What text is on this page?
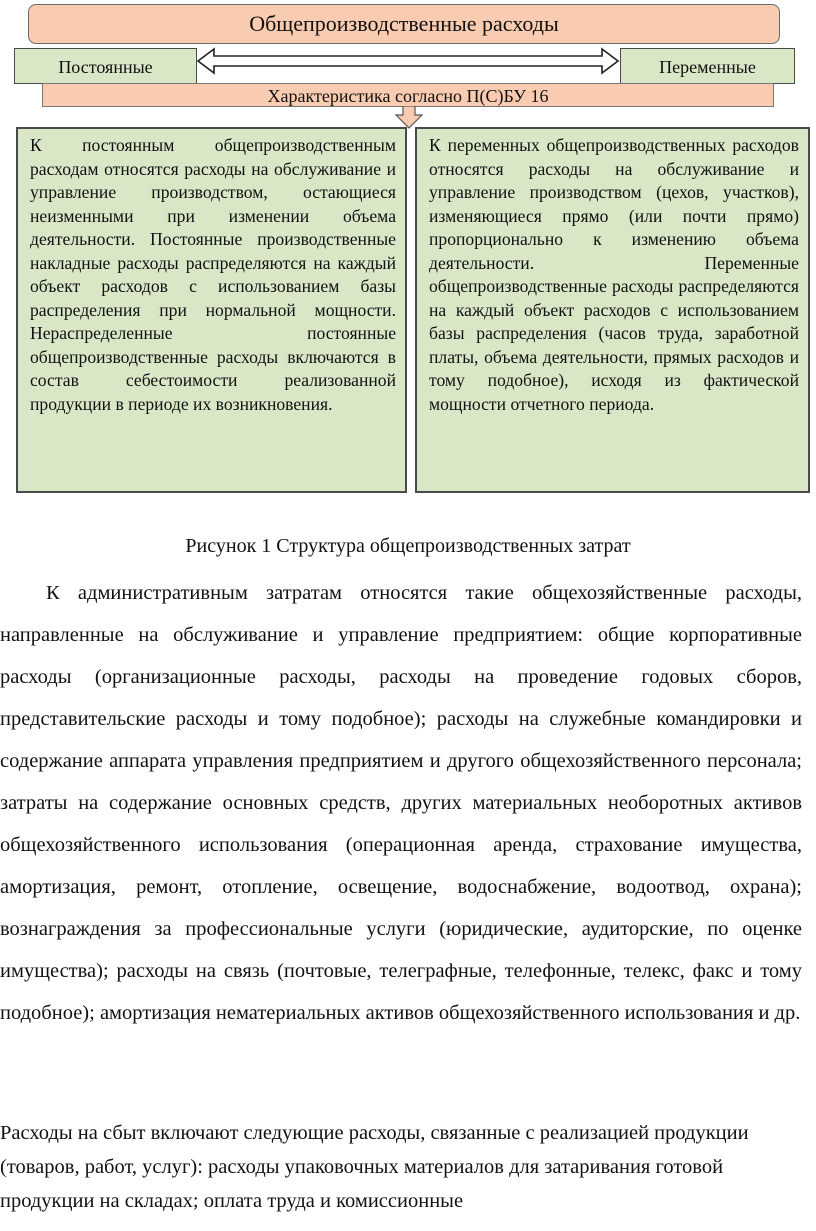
Общепроизводственные расходы
Постоянные	Переменные
Характеристика согласно П(С)БУ 16
К постоянным общепроизводственным расходам относятся расходы на обслуживание и управление производством, остающиеся неизменными при изменении объема деятельности. Постоянные производственные накладные расходы распределяются на каждый объект расходов с использованием базы распределения при нормальной мощности. Нераспределенные постоянные общепроизводственные расходы включаются в состав себестоимости реализованной продукции в периоде их возникновения.
К переменных общепроизводственных расходов относятся расходы на обслуживание и управление производством (цехов, участков), изменяющиеся прямо (или почти прямо) пропорционально к изменению объема деятельности. Переменные общепроизводственные расходы распределяются на каждый объект расходов с использованием базы распределения (часов труда, заработной платы, объема деятельности, прямых расходов и тому подобное), исходя из фактической мощности отчетного периода.
Рисунок 1 Структура общепроизводственных затрат
К административным затратам относятся такие общехозяйственные расходы, направленные на обслуживание и управление предприятием: общие корпоративные расходы (организационные расходы, расходы на проведение годовых сборов, представительские расходы и тому подобное); расходы на служебные командировки и содержание аппарата управления предприятием и другого общехозяйственного персонала; затраты на содержание основных средств, других материальных необоротных активов общехозяйственного использования (операционная аренда, страхование имущества, амортизация, ремонт, отопление, освещение, водоснабжение, водоотвод, охрана); вознаграждения за профессиональные услуги (юридические, аудиторские, по оценке имущества); расходы на связь (почтовые, телеграфные, телефонные, телекс, факс и тому подобное); амортизация нематериальных активов общехозяйственного использования и др.
Расходы на сбыт включают следующие расходы, связанные с реализацией продукции (товаров, работ, услуг): расходы упаковочных материалов для затаривания готовой продукции на складах; оплата труда и комиссионные
